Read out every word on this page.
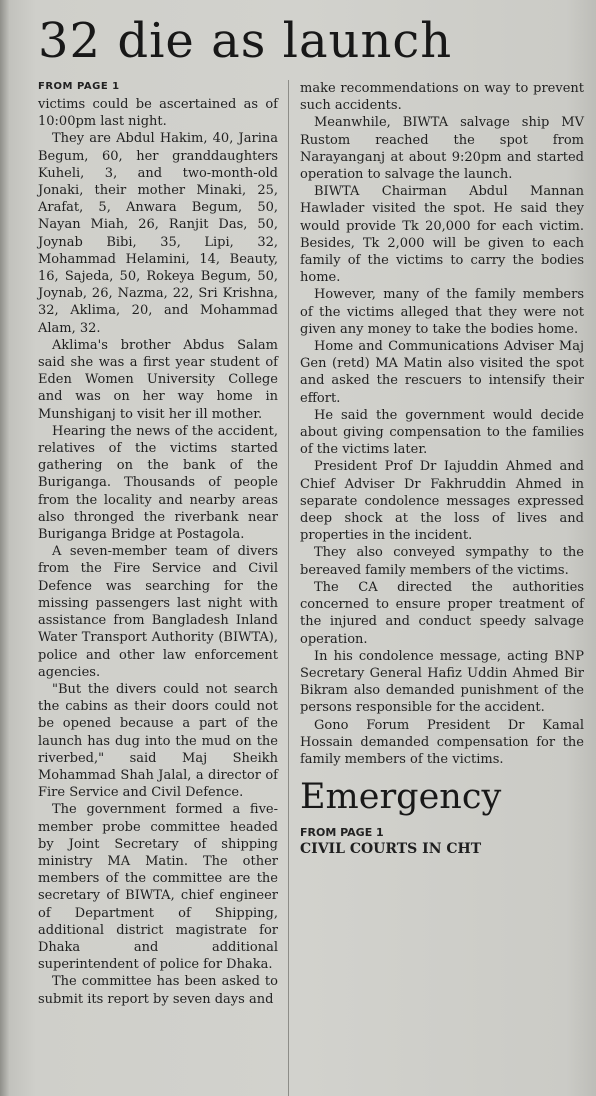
32 die as launch

FROM PAGE 1

victims could be ascertained as of 10:00pm last night.

They are Abdul Hakim, 40, Jarina Begum, 60, her granddaughters Kuheli, 3, and two-month-old Jonaki, their mother Minaki, 25, Arafat, 5, Anwara Begum, 50, Nayan Miah, 26, Ranjit Das, 50, Joynab Bibi, 35, Lipi, 32, Mohammad Helamini, 14, Beauty, 16, Sajeda, 50, Rokeya Begum, 50, Joynab, 26, Nazma, 22, Sri Krishna, 32, Aklima, 20, and Mohammad Alam, 32.

Aklima's brother Abdus Salam said she was a first year student of Eden Women University College and was on her way home in Munshiganj to visit her ill mother.

Hearing the news of the accident, relatives of the victims started gathering on the bank of the Buriganga. Thousands of people from the locality and nearby areas also thronged the riverbank near Buriganga Bridge at Postagola.

A seven-member team of divers from the Fire Service and Civil Defence was searching for the missing passengers last night with assistance from Bangladesh Inland Water Transport Authority (BIWTA), police and other law enforcement agencies.

"But the divers could not search the cabins as their doors could not be opened because a part of the launch has dug into the mud on the riverbed," said Maj Sheikh Mohammad Shah Jalal, a director of Fire Service and Civil Defence.

The government formed a five-member probe committee headed by Joint Secretary of shipping ministry MA Matin. The other members of the committee are the secretary of BIWTA, chief engineer of Department of Shipping, additional district magistrate for Dhaka and additional superintendent of police for Dhaka.

The committee has been asked to submit its report by seven days and

make recommendations on way to prevent such accidents.

Meanwhile, BIWTA salvage ship MV Rustom reached the spot from Narayanganj at about 9:20pm and started operation to salvage the launch.

BIWTA Chairman Abdul Mannan Hawlader visited the spot. He said they would provide Tk 20,000 for each victim. Besides, Tk 2,000 will be given to each family of the victims to carry the bodies home.

However, many of the family members of the victims alleged that they were not given any money to take the bodies home.

Home and Communications Adviser Maj Gen (retd) MA Matin also visited the spot and asked the rescuers to intensify their effort.

He said the government would decide about giving compensation to the families of the victims later.

President Prof Dr Iajuddin Ahmed and Chief Adviser Dr Fakhruddin Ahmed in separate condolence messages expressed deep shock at the loss of lives and properties in the incident.

They also conveyed sympathy to the bereaved family members of the victims.

The CA directed the authorities concerned to ensure proper treatment of the injured and conduct speedy salvage operation.

In his condolence message, acting BNP Secretary General Hafiz Uddin Ahmed Bir Bikram also demanded punishment of the persons responsible for the accident.

Gono Forum President Dr Kamal Hossain demanded compensation for the family members of the victims.

Emergency

FROM PAGE 1

CIVIL COURTS IN CHT
